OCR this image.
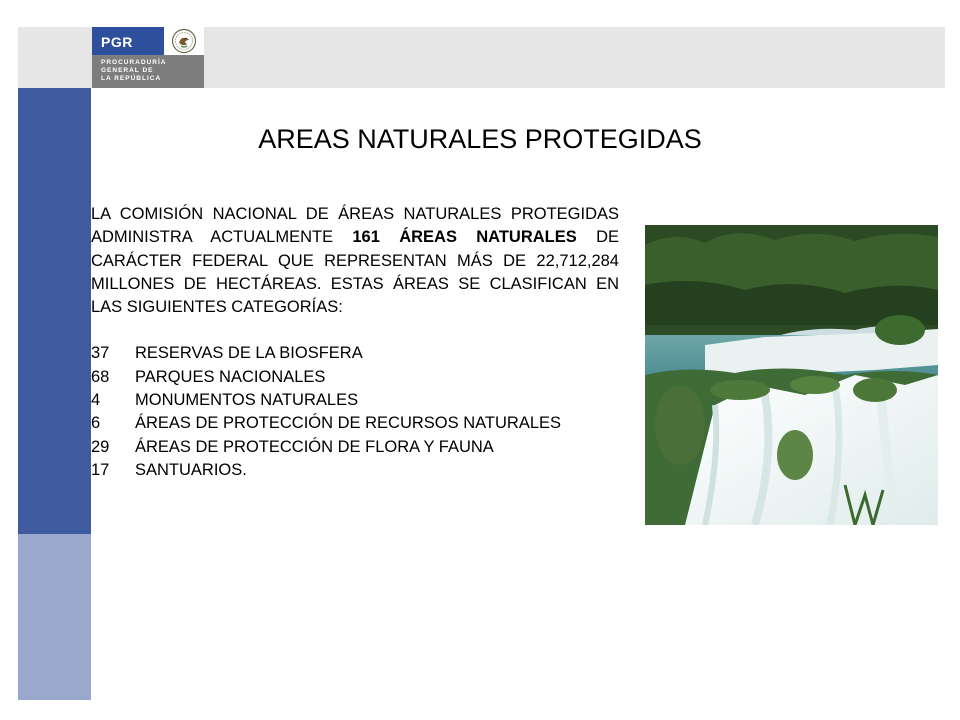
PGR
PROCURADURÍA
GENERAL DE
LA REPÚBLICA
AREAS NATURALES PROTEGIDAS

LA COMISIÓN NACIONAL DE ÁREAS NATURALES PROTEGIDAS ADMINISTRA ACTUALMENTE 161 ÁREAS NATURALES DE CARÁCTER FEDERAL QUE REPRESENTAN MÁS DE 22,712,284 MILLONES DE HECTÁREAS. ESTAS ÁREAS SE CLASIFICAN EN LAS SIGUIENTES CATEGORÍAS:

37 RESERVAS DE LA BIOSFERA
68 PARQUES NACIONALES
4 MONUMENTOS NATURALES
6 ÁREAS DE PROTECCIÓN DE RECURSOS NATURALES
29 ÁREAS DE PROTECCIÓN DE FLORA Y FAUNA
17 SANTUARIOS.
